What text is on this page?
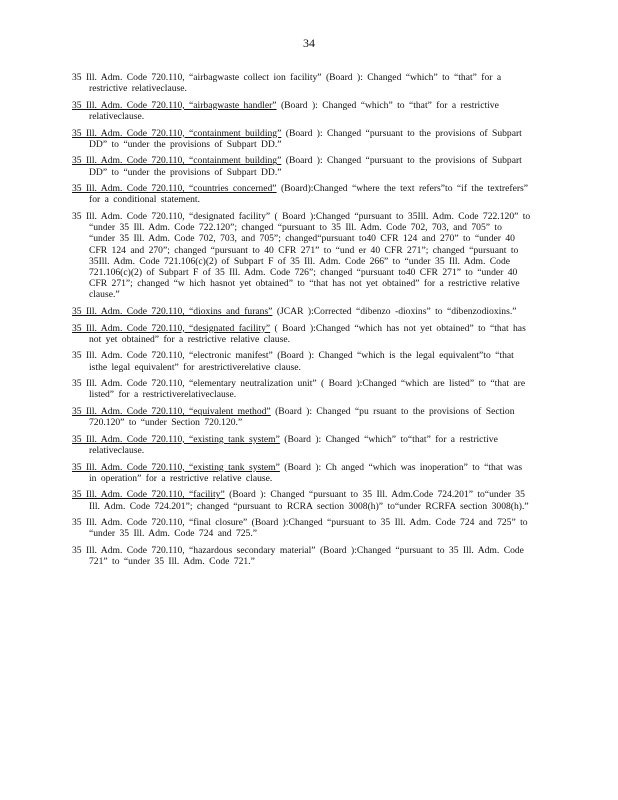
34
35 Ill. Adm. Code 720.110, “airbagwaste collect ion facility” (Board ): Changed “which” to “that” for a restrictive relativeclause.
35 Ill. Adm. Code 720.110, “airbagwaste handler” (Board ): Changed “which” to “that” for a restrictive relativeclause.
35 Ill. Adm. Code 720.110, “containment building” (Board ): Changed “pursuant to the provisions of Subpart DD” to “under the provisions of Subpart DD.”
35 Ill. Adm. Code 720.110, “containment building” (Board ): Changed “pursuant to the provisions of Subpart DD” to “under the provisions of Subpart DD.”
35 Ill. Adm. Code 720.110, “countries concerned” (Board):Changed “where the text refers”to “if the textrefers” for a conditional statement.
35 Ill. Adm. Code 720.110, “designated facility” ( Board ):Changed “pursuant to 35Ill. Adm. Code 722.120” to “under 35 Ill. Adm. Code 722.120”; changed “pursuant to 35 Ill. Adm. Code 702, 703, and 705” to “under 35 Ill. Adm. Code 702, 703, and 705”; changed“pursuant to40 CFR 124 and 270” to “under 40 CFR 124 and 270”; changed “pursuant to 40 CFR 271” to “und er 40 CFR 271”; changed “pursuant to 35Ill. Adm. Code 721.106(c)(2) of Subpart F of 35 Ill. Adm. Code 266” to “under 35 Ill. Adm. Code 721.106(c)(2) of Subpart F of 35 Ill. Adm. Code 726”; changed “pursuant to40 CFR 271” to “under 40 CFR 271”; changed “w hich hasnot yet obtained” to “that has not yet obtained” for a restrictive relative clause.”
35 Ill. Adm. Code 720.110, “dioxins and furans” (JCAR ):Corrected “dibenzo -dioxins” to “dibenzodioxins.”
35 Ill. Adm. Code 720.110, “designated facility” ( Board ):Changed “which has not yet obtained” to “that has not yet obtained” for a restrictive relative clause.
35 Ill. Adm. Code 720.110, “electronic manifest” (Board ): Changed “which is the legal equivalent”to “that isthe legal equivalent” for arestrictiverelative clause.
35 Ill. Adm. Code 720.110, “elementary neutralization unit” ( Board ):Changed “which are listed” to “that are listed” for a restrictiverelativeclause.
35 Ill. Adm. Code 720.110, “equivalent method” (Board ): Changed “pu rsuant to the provisions of Section 720.120” to “under Section 720.120.”
35 Ill. Adm. Code 720.110, “existing tank system” (Board ): Changed “which” to“that” for a restrictive relativeclause.
35 Ill. Adm. Code 720.110, “existing tank system” (Board ): Ch anged “which was inoperation” to “that was in operation” for a restrictive relative clause.
35 Ill. Adm. Code 720.110, “facility” (Board ): Changed “pursuant to 35 Ill. Adm.Code 724.201” to“under 35 Ill. Adm. Code 724.201”; changed “pursuant to RCRA section 3008(h)” to“under RCRFA section 3008(h).”
35 Ill. Adm. Code 720.110, “final closure” (Board ):Changed “pursuant to 35 Ill. Adm. Code 724 and 725” to “under 35 Ill. Adm. Code 724 and 725.”
35 Ill. Adm. Code 720.110, “hazardous secondary material” (Board ):Changed “pursuant to 35 Ill. Adm. Code 721” to “under 35 Ill. Adm. Code 721.”
